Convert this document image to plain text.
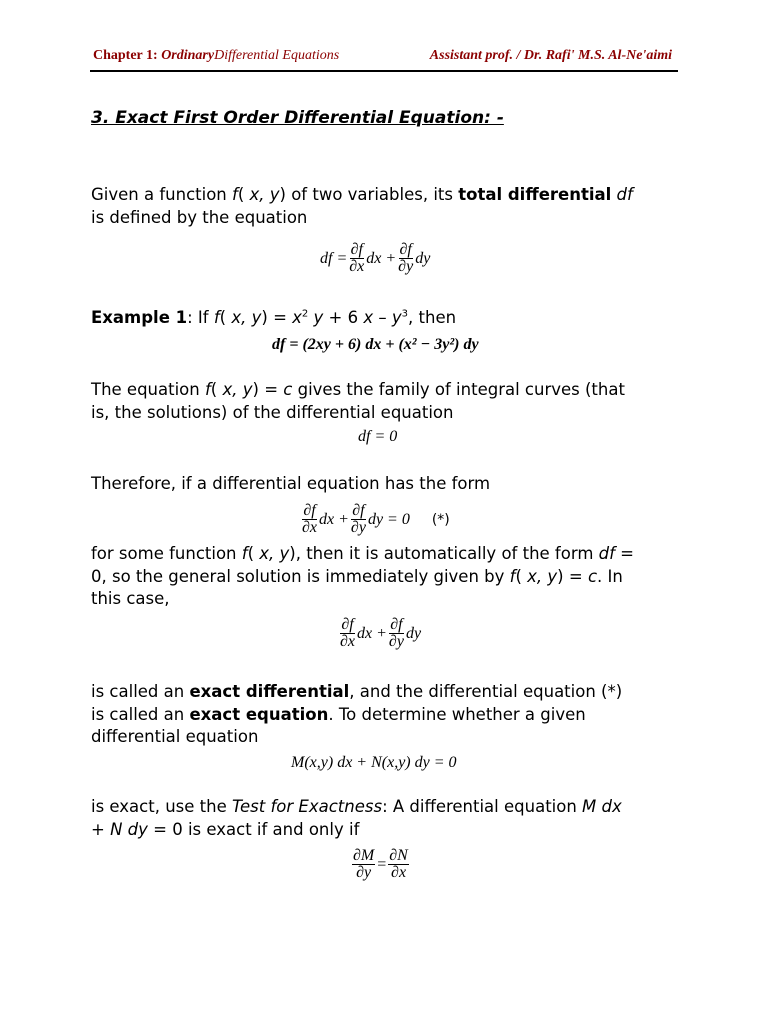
Chapter 1: OrdinaryDifferential Equations	Assistant prof. / Dr. Rafi' M.S. Al-Ne'aimi
3. Exact First Order Differential Equation: -
Given a function f( x, y) of two variables, its total differential df
is defined by the equation
df = $\frac{\partial f}{\partial x}$ dx + $\frac{\partial f}{\partial y}$ dy
Example 1: If f( x, $y) = x^2$ y + 6 x – $y^3$, then
df = (2xy + 6) dx + (x² − 3y²) dy
The equation f( x, y) = c gives the family of integral curves (that
is, the solutions) of the differential equation
df = 0
Therefore, if a differential equation has the form
$\frac{\partial f}{\partial x}$ dx + $\frac{\partial f}{\partial y}$ dy = 0 (*)
for some function f( x, y), then it is automatically of the form df =
0, so the general solution is immediately given by f( x, y) = c. In
this case,
$\frac{\partial f}{\partial x}$ dx + $\frac{\partial f}{\partial y}$ dy
is called an exact differential, and the differential equation (*)
is called an exact equation. To determine whether a given
differential equation
M(x,y) dx + N(x,y) dy = 0
is exact, use the Test for Exactness: A differential equation M dx
+ N dy = 0 is exact if and only if
$\frac{\partial M}{\partial y} = \frac{\partial N}{\partial x}$
